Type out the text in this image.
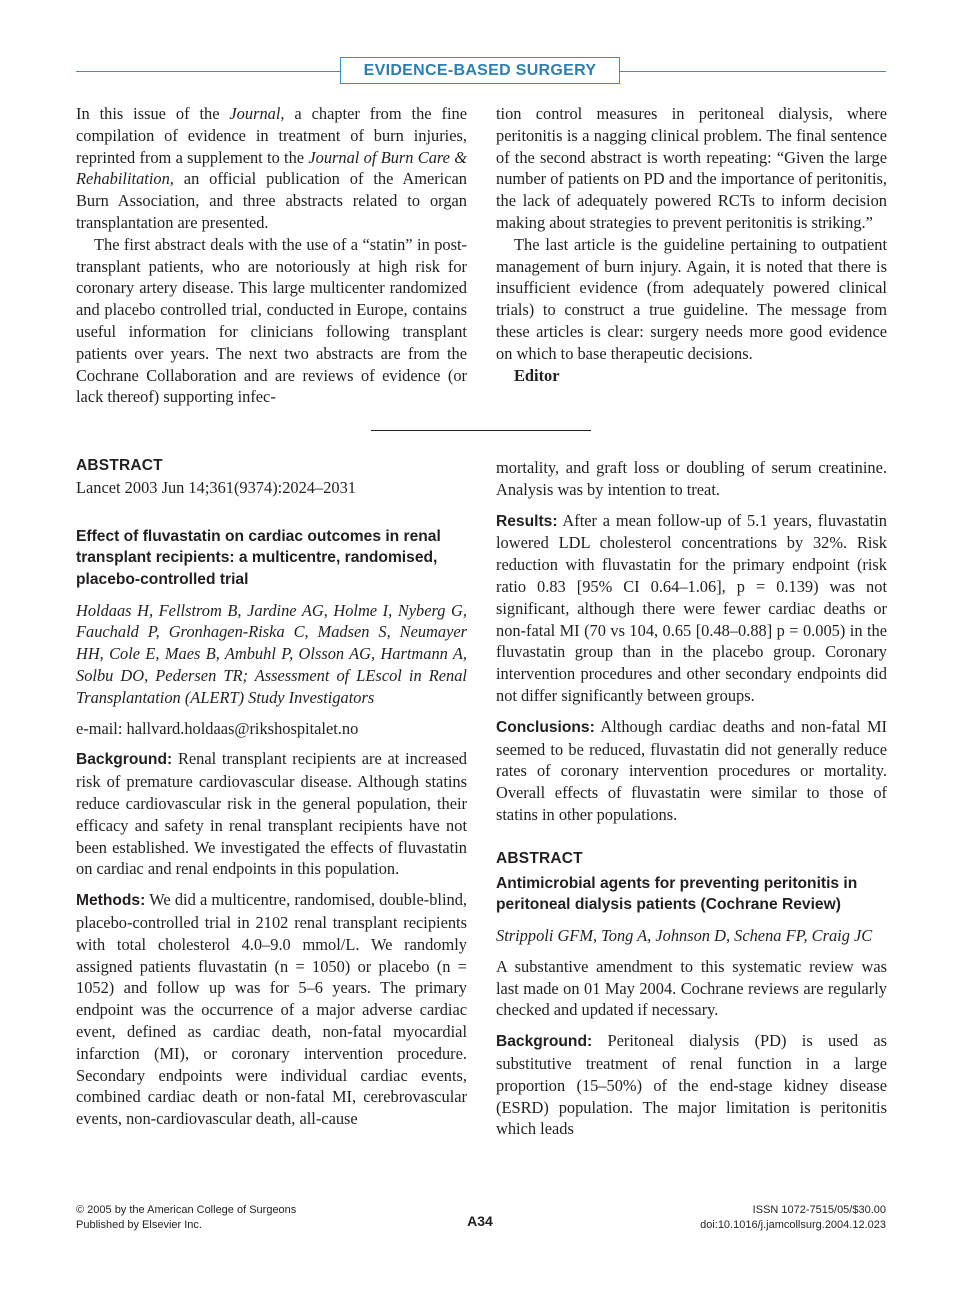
EVIDENCE-BASED SURGERY

In this issue of the Journal, a chapter from the fine compilation of evidence in treatment of burn injuries, reprinted from a supplement to the Journal of Burn Care & Rehabilitation, an official publication of the American Burn Association, and three abstracts related to organ transplantation are presented.

The first abstract deals with the use of a “statin” in post-transplant patients, who are notoriously at high risk for coronary artery disease. This large multicenter randomized and placebo controlled trial, conducted in Europe, contains useful information for clinicians following transplant patients over years. The next two abstracts are from the Cochrane Collaboration and are reviews of evidence (or lack thereof) supporting infec-

tion control measures in peritoneal dialysis, where peritonitis is a nagging clinical problem. The final sentence of the second abstract is worth repeating: “Given the large number of patients on PD and the importance of peritonitis, the lack of adequately powered RCTs to inform decision making about strategies to prevent peritonitis is striking.”

The last article is the guideline pertaining to outpatient management of burn injury. Again, it is noted that there is insufficient evidence (from adequately powered clinical trials) to construct a true guideline. The message from these articles is clear: surgery needs more good evidence on which to base therapeutic decisions.

Editor

ABSTRACT
Lancet 2003 Jun 14;361(9374):2024–2031
Effect of fluvastatin on cardiac outcomes in renal transplant recipients: a multicentre, randomised, placebo-controlled trial
Holdaas H, Fellstrom B, Jardine AG, Holme I, Nyberg G, Fauchald P, Gronhagen-Riska C, Madsen S, Neumayer HH, Cole E, Maes B, Ambuhl P, Olsson AG, Hartmann A, Solbu DO, Pedersen TR; Assessment of LEscol in Renal Transplantation (ALERT) Study Investigators
e-mail: hallvard.holdaas@rikshospitalet.no

Background: Renal transplant recipients are at increased risk of premature cardiovascular disease. Although statins reduce cardiovascular risk in the general population, their efficacy and safety in renal transplant recipients have not been established. We investigated the effects of fluvastatin on cardiac and renal endpoints in this population.

Methods: We did a multicentre, randomised, double-blind, placebo-controlled trial in 2102 renal transplant recipients with total cholesterol 4.0–9.0 mmol/L. We randomly assigned patients fluvastatin (n = 1050) or placebo (n = 1052) and follow up was for 5–6 years. The primary endpoint was the occurrence of a major adverse cardiac event, defined as cardiac death, non-fatal myocardial infarction (MI), or coronary intervention procedure. Secondary endpoints were individual cardiac events, combined cardiac death or non-fatal MI, cerebrovascular events, non-cardiovascular death, all-cause

mortality, and graft loss or doubling of serum creatinine. Analysis was by intention to treat.

Results: After a mean follow-up of 5.1 years, fluvastatin lowered LDL cholesterol concentrations by 32%. Risk reduction with fluvastatin for the primary endpoint (risk ratio 0.83 [95% CI 0.64–1.06], p = 0.139) was not significant, although there were fewer cardiac deaths or non-fatal MI (70 vs 104, 0.65 [0.48–0.88] p = 0.005) in the fluvastatin group than in the placebo group. Coronary intervention procedures and other secondary endpoints did not differ significantly between groups.

Conclusions: Although cardiac deaths and non-fatal MI seemed to be reduced, fluvastatin did not generally reduce rates of coronary intervention procedures or mortality. Overall effects of fluvastatin were similar to those of statins in other populations.

ABSTRACT
Antimicrobial agents for preventing peritonitis in peritoneal dialysis patients (Cochrane Review)
Strippoli GFM, Tong A, Johnson D, Schena FP, Craig JC

A substantive amendment to this systematic review was last made on 01 May 2004. Cochrane reviews are regularly checked and updated if necessary.

Background: Peritoneal dialysis (PD) is used as substitutive treatment of renal function in a large proportion (15–50%) of the end-stage kidney disease (ESRD) population. The major limitation is peritonitis which leads

© 2005 by the American College of Surgeons
Published by Elsevier Inc.	A34
ISSN 1072-7515/05/$30.00
doi:10.1016/j.jamcollsurg.2004.12.023
